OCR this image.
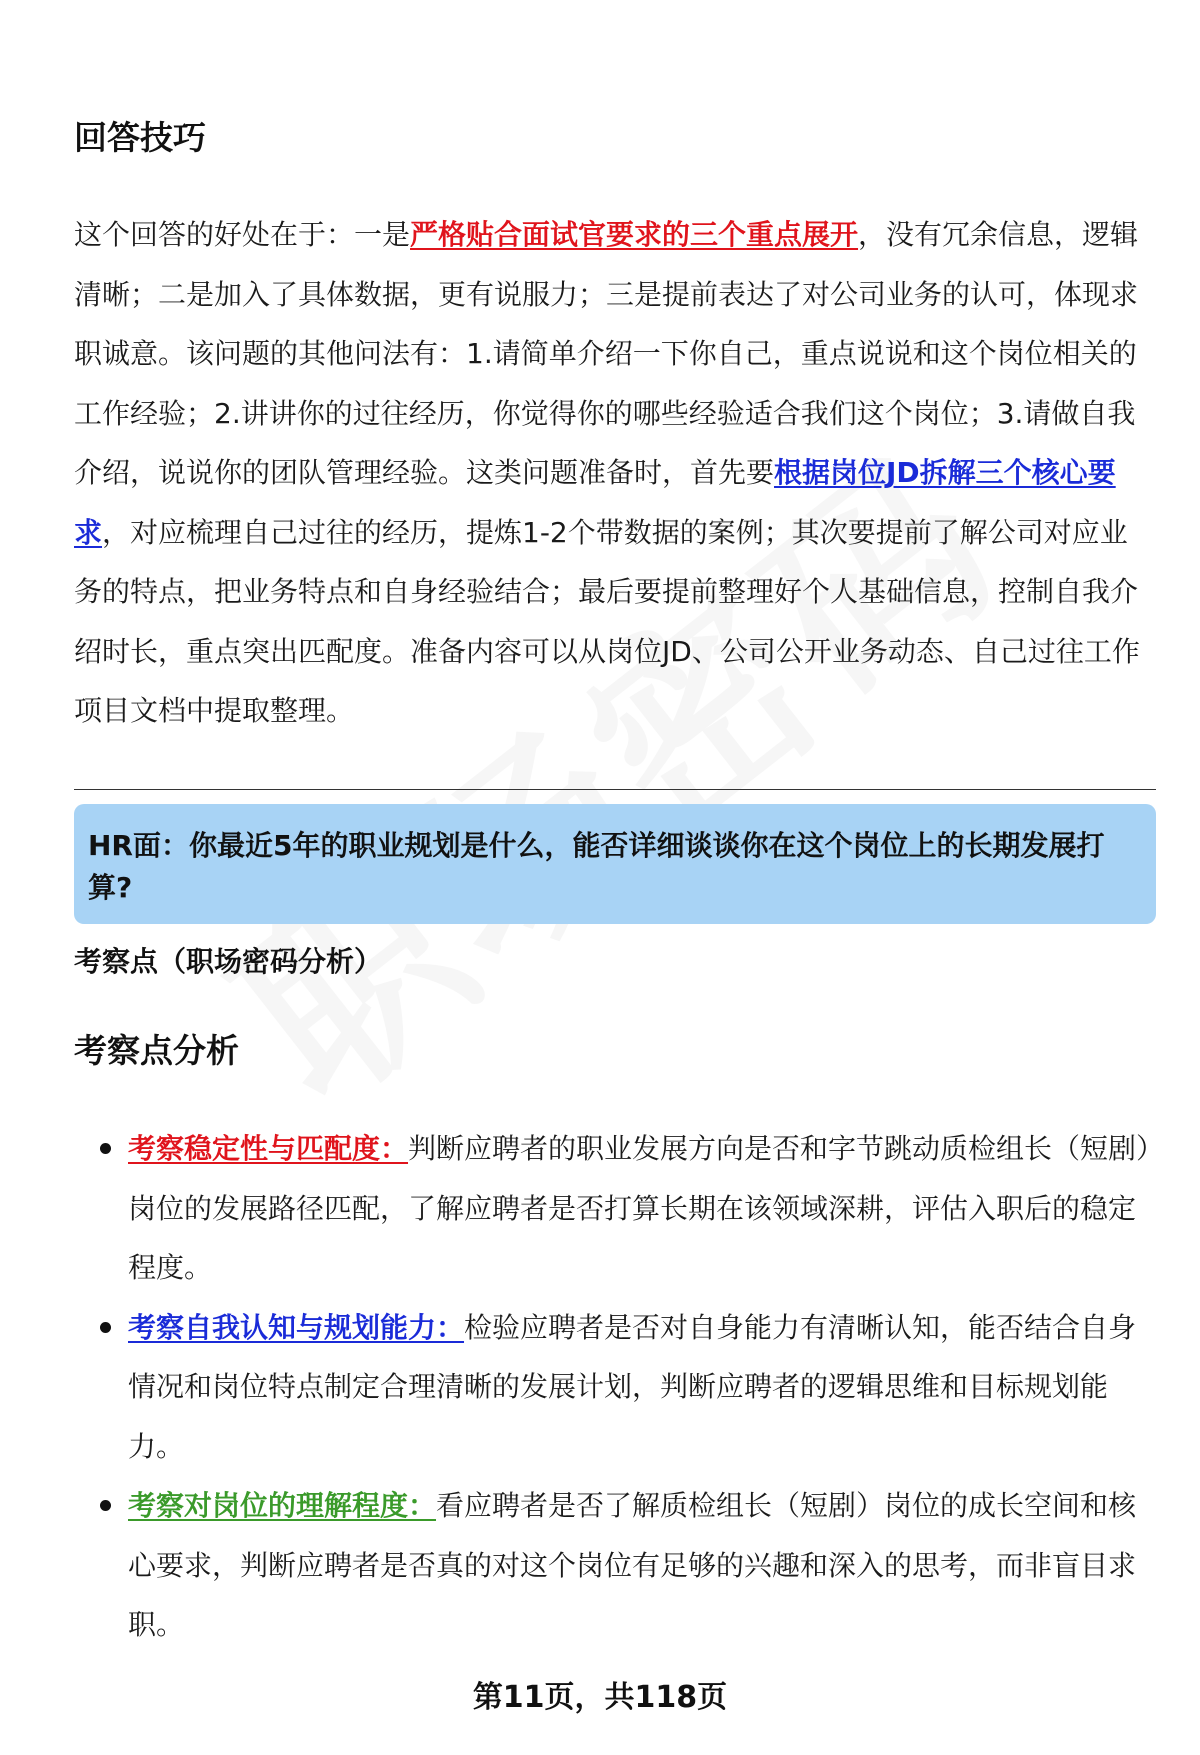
回答技巧

这个回答的好处在于：一是严格贴合面试官要求的三个重点展开，没有冗余信息，逻辑清晰；二是加入了具体数据，更有说服力；三是提前表达了对公司业务的认可，体现求职诚意。该问题的其他问法有：1.请简单介绍一下你自己，重点说说和这个岗位相关的工作经验；2.讲讲你的过往经历，你觉得你的哪些经验适合我们这个岗位；3.请做自我介绍，说说你的团队管理经验。这类问题准备时，首先要根据岗位JD拆解三个核心要求，对应梳理自己过往的经历，提炼1-2个带数据的案例；其次要提前了解公司对应业务的特点，把业务特点和自身经验结合；最后要提前整理好个人基础信息，控制自我介绍时长，重点突出匹配度。准备内容可以从岗位JD、公司公开业务动态、自己过往工作项目文档中提取整理。

HR面：你最近5年的职业规划是什么，能否详细谈谈你在这个岗位上的长期发展打算?

考察点（职场密码分析）

考察点分析
考察稳定性与匹配度：判断应聘者的职业发展方向是否和字节跳动质检组长（短剧）岗位的发展路径匹配，了解应聘者是否打算长期在该领域深耕，评估入职后的稳定程度。
考察自我认知与规划能力：检验应聘者是否对自身能力有清晰认知，能否结合自身情况和岗位特点制定合理清晰的发展计划，判断应聘者的逻辑思维和目标规划能力。
考察对岗位的理解程度：看应聘者是否了解质检组长（短剧）岗位的成长空间和核心要求，判断应聘者是否真的对这个岗位有足够的兴趣和深入的思考，而非盲目求职。

第11页，共118页
